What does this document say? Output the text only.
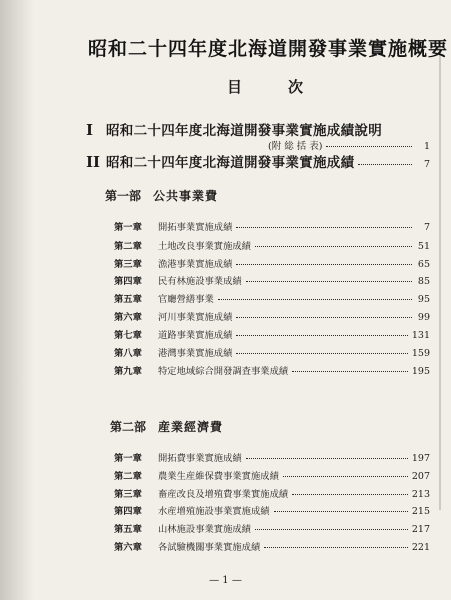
昭和二十四年度北海道開發事業實施概要
目	次
I 昭和二十四年度北海道開發事業實施成績說明
(附 総 括 表)	1
II 昭和二十四年度北海道開發事業實施成績	7
第一部 公共事業費
第一章	開拓事業實施成績	7
第二章	土地改良事業實施成績	51
第三章	漁港事業實施成績	65
第四章	民有林施設事業成績	85
第五章	官廳營繕事業	95
第六章	河川事業實施成績	99
第七章	道路事業實施成績	131
第八章	港灣事業實施成績	159
第九章	特定地域綜合開發調査事業成績	195
第二部 産業經濟費
第一章	開拓費事業實施成績	197
第二章	農業生産維保費事業實施成績	207
第三章	畜産改良及增殖費事業實施成績	213
第四章	水産增殖施設事業實施成績	215
第五章	山林施設事業實施成績	217
第六章	各試驗機關事業實施成績	221
— 1 —
